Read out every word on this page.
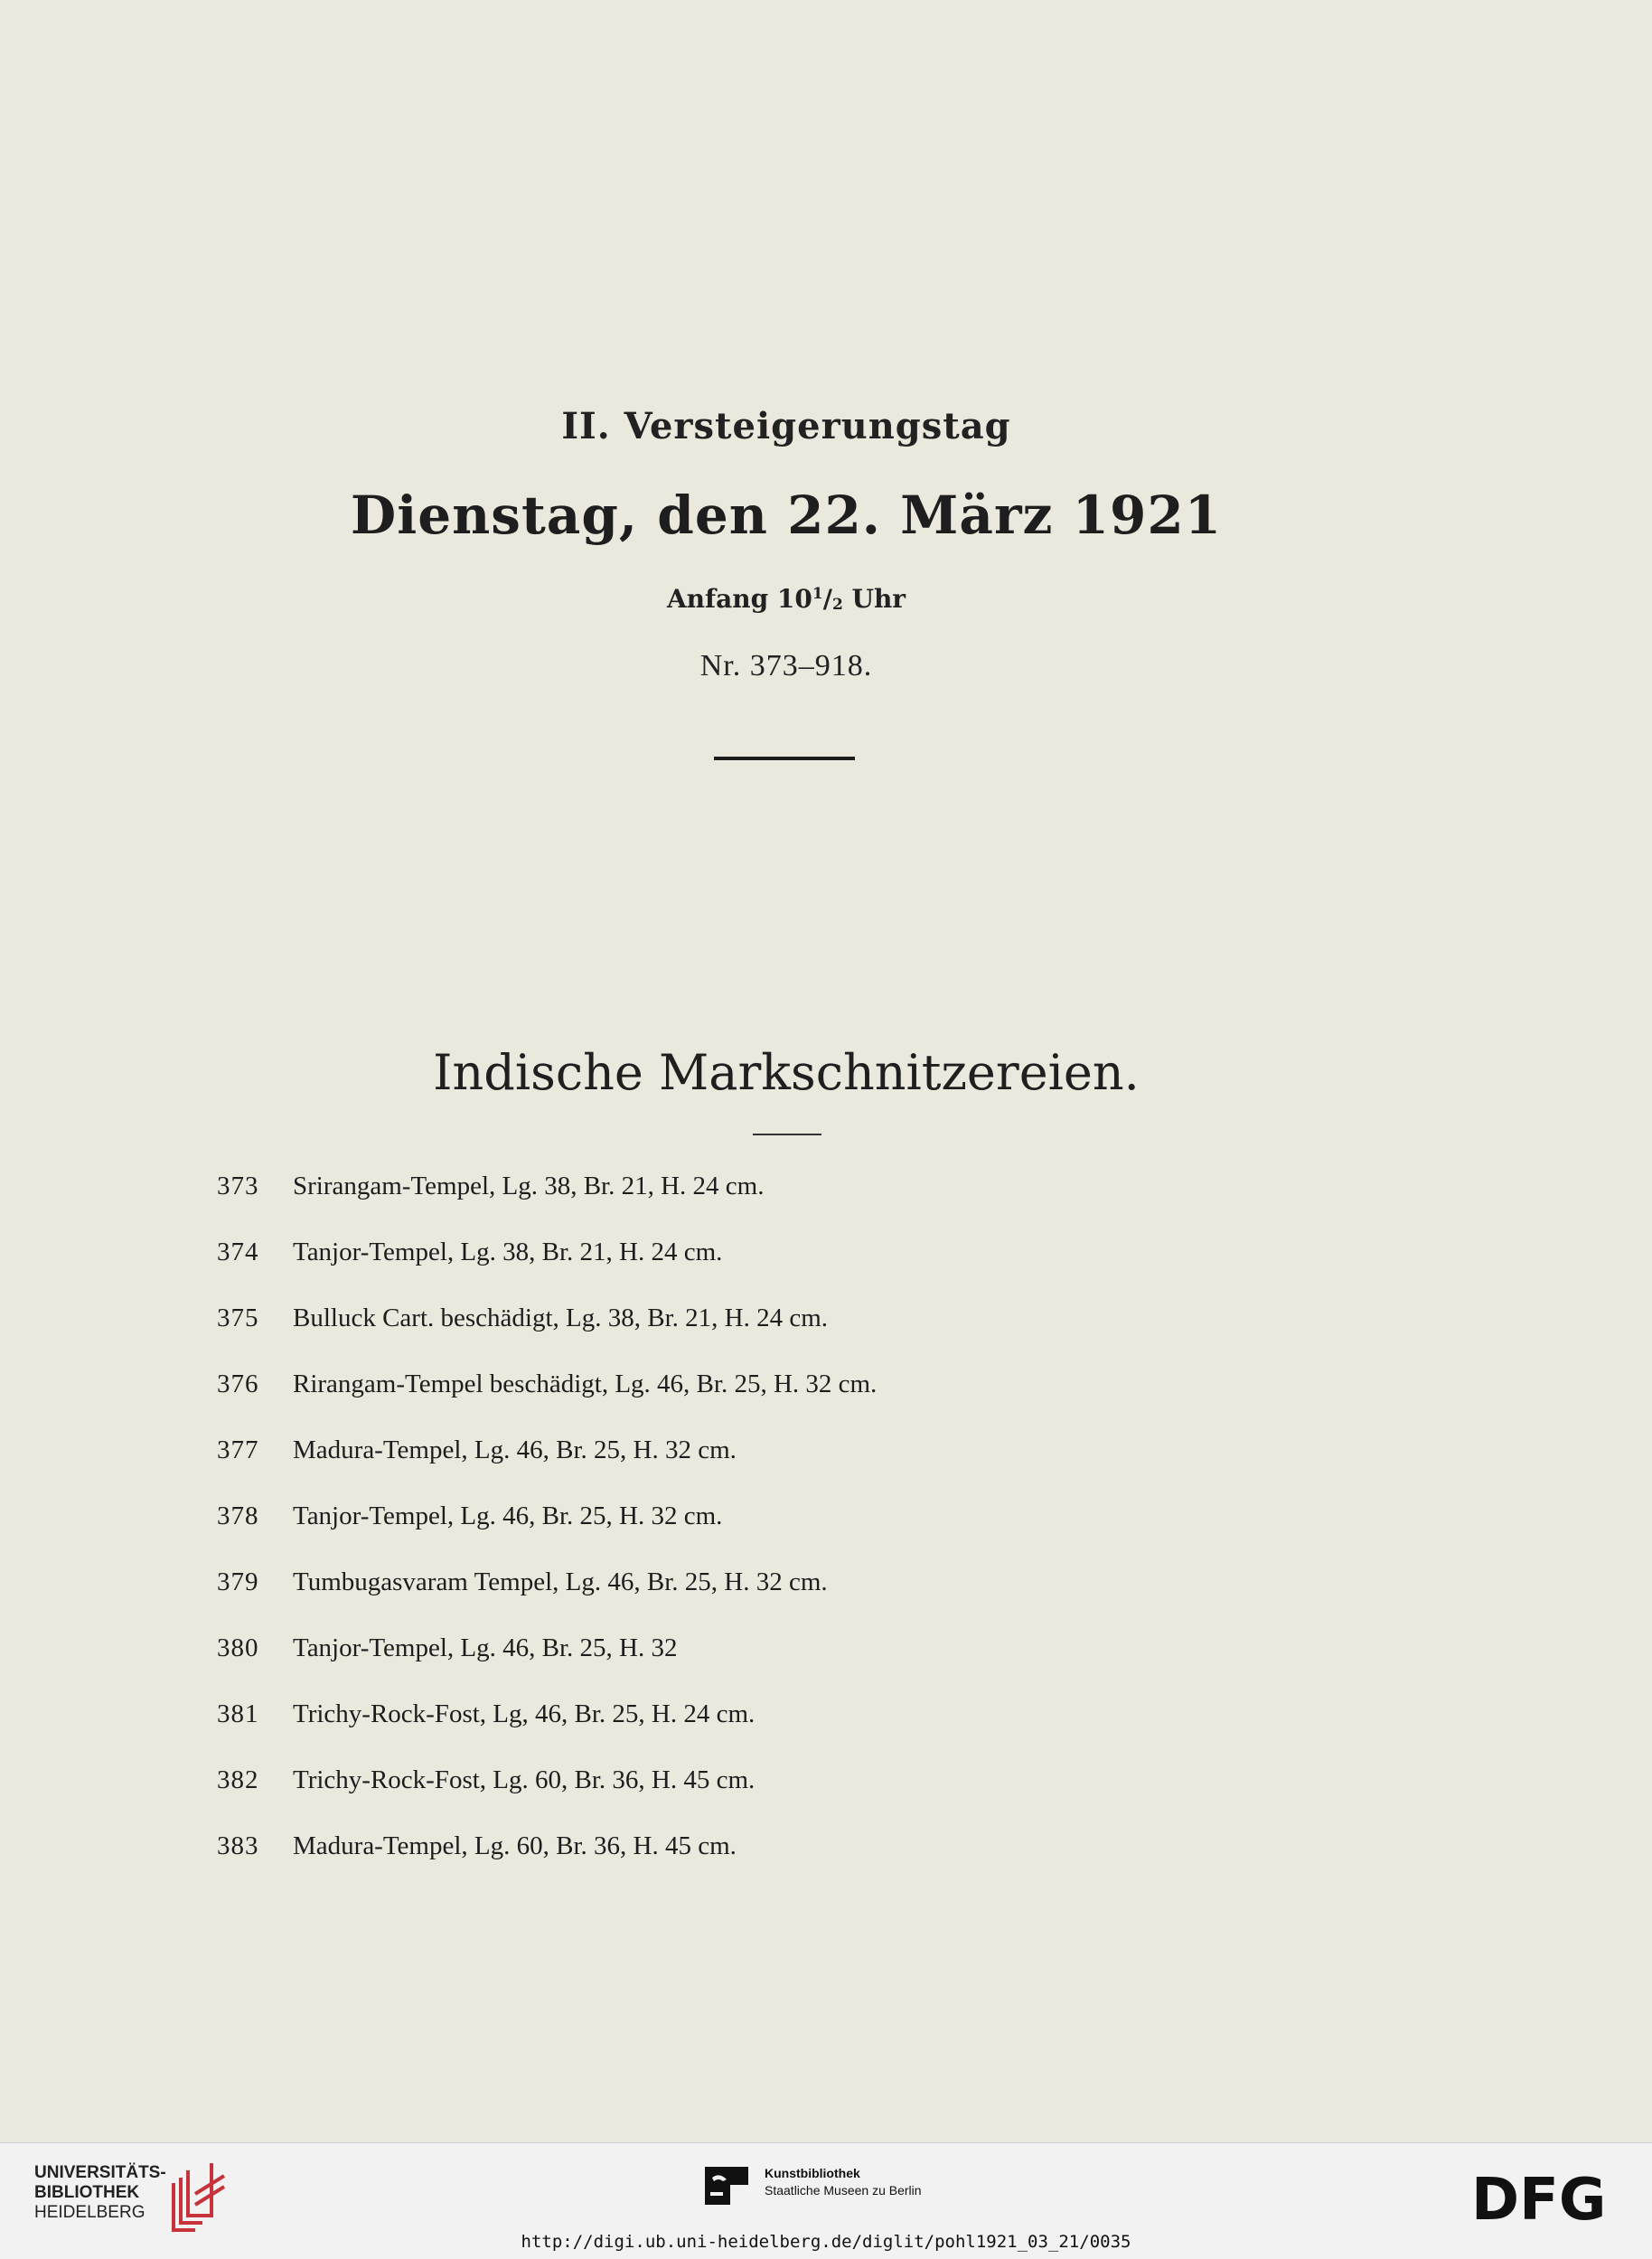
II. Versteigerungstag
Dienstag, den 22. März 1921
Anfang $10^1/_2$ Uhr
Nr. 373–918.
Indische Markschnitzereien.
373	Srirangam-Tempel, Lg. 38, Br. 21, H. 24 cm.
374	Tanjor-Tempel, Lg. 38, Br. 21, H. 24 cm.
375	Bulluck Cart. beschädigt, Lg. 38, Br. 21, H. 24 cm.
376	Rirangam-Tempel beschädigt, Lg. 46, Br. 25, H. 32 cm.
377	Madura-Tempel, Lg. 46, Br. 25, H. 32 cm.
378	Tanjor-Tempel, Lg. 46, Br. 25, H. 32 cm.
379	Tumbugasvaram Tempel, Lg. 46, Br. 25, H. 32 cm.
380	Tanjor-Tempel, Lg. 46, Br. 25, H. 32
381	Trichy-Rock-Fost, Lg, 46, Br. 25, H. 24 cm.
382	Trichy-Rock-Fost, Lg. 60, Br. 36, H. 45 cm.
383	Madura-Tempel, Lg. 60, Br. 36, H. 45 cm.
UNIVERSITÄTS-
BIBLIOTHEK
HEIDELBERG
Kunstbibliothek
Staatliche Museen zu Berlin	DFG
http://digi.ub.uni-heidelberg.de/diglit/pohl1921_03_21/0035
